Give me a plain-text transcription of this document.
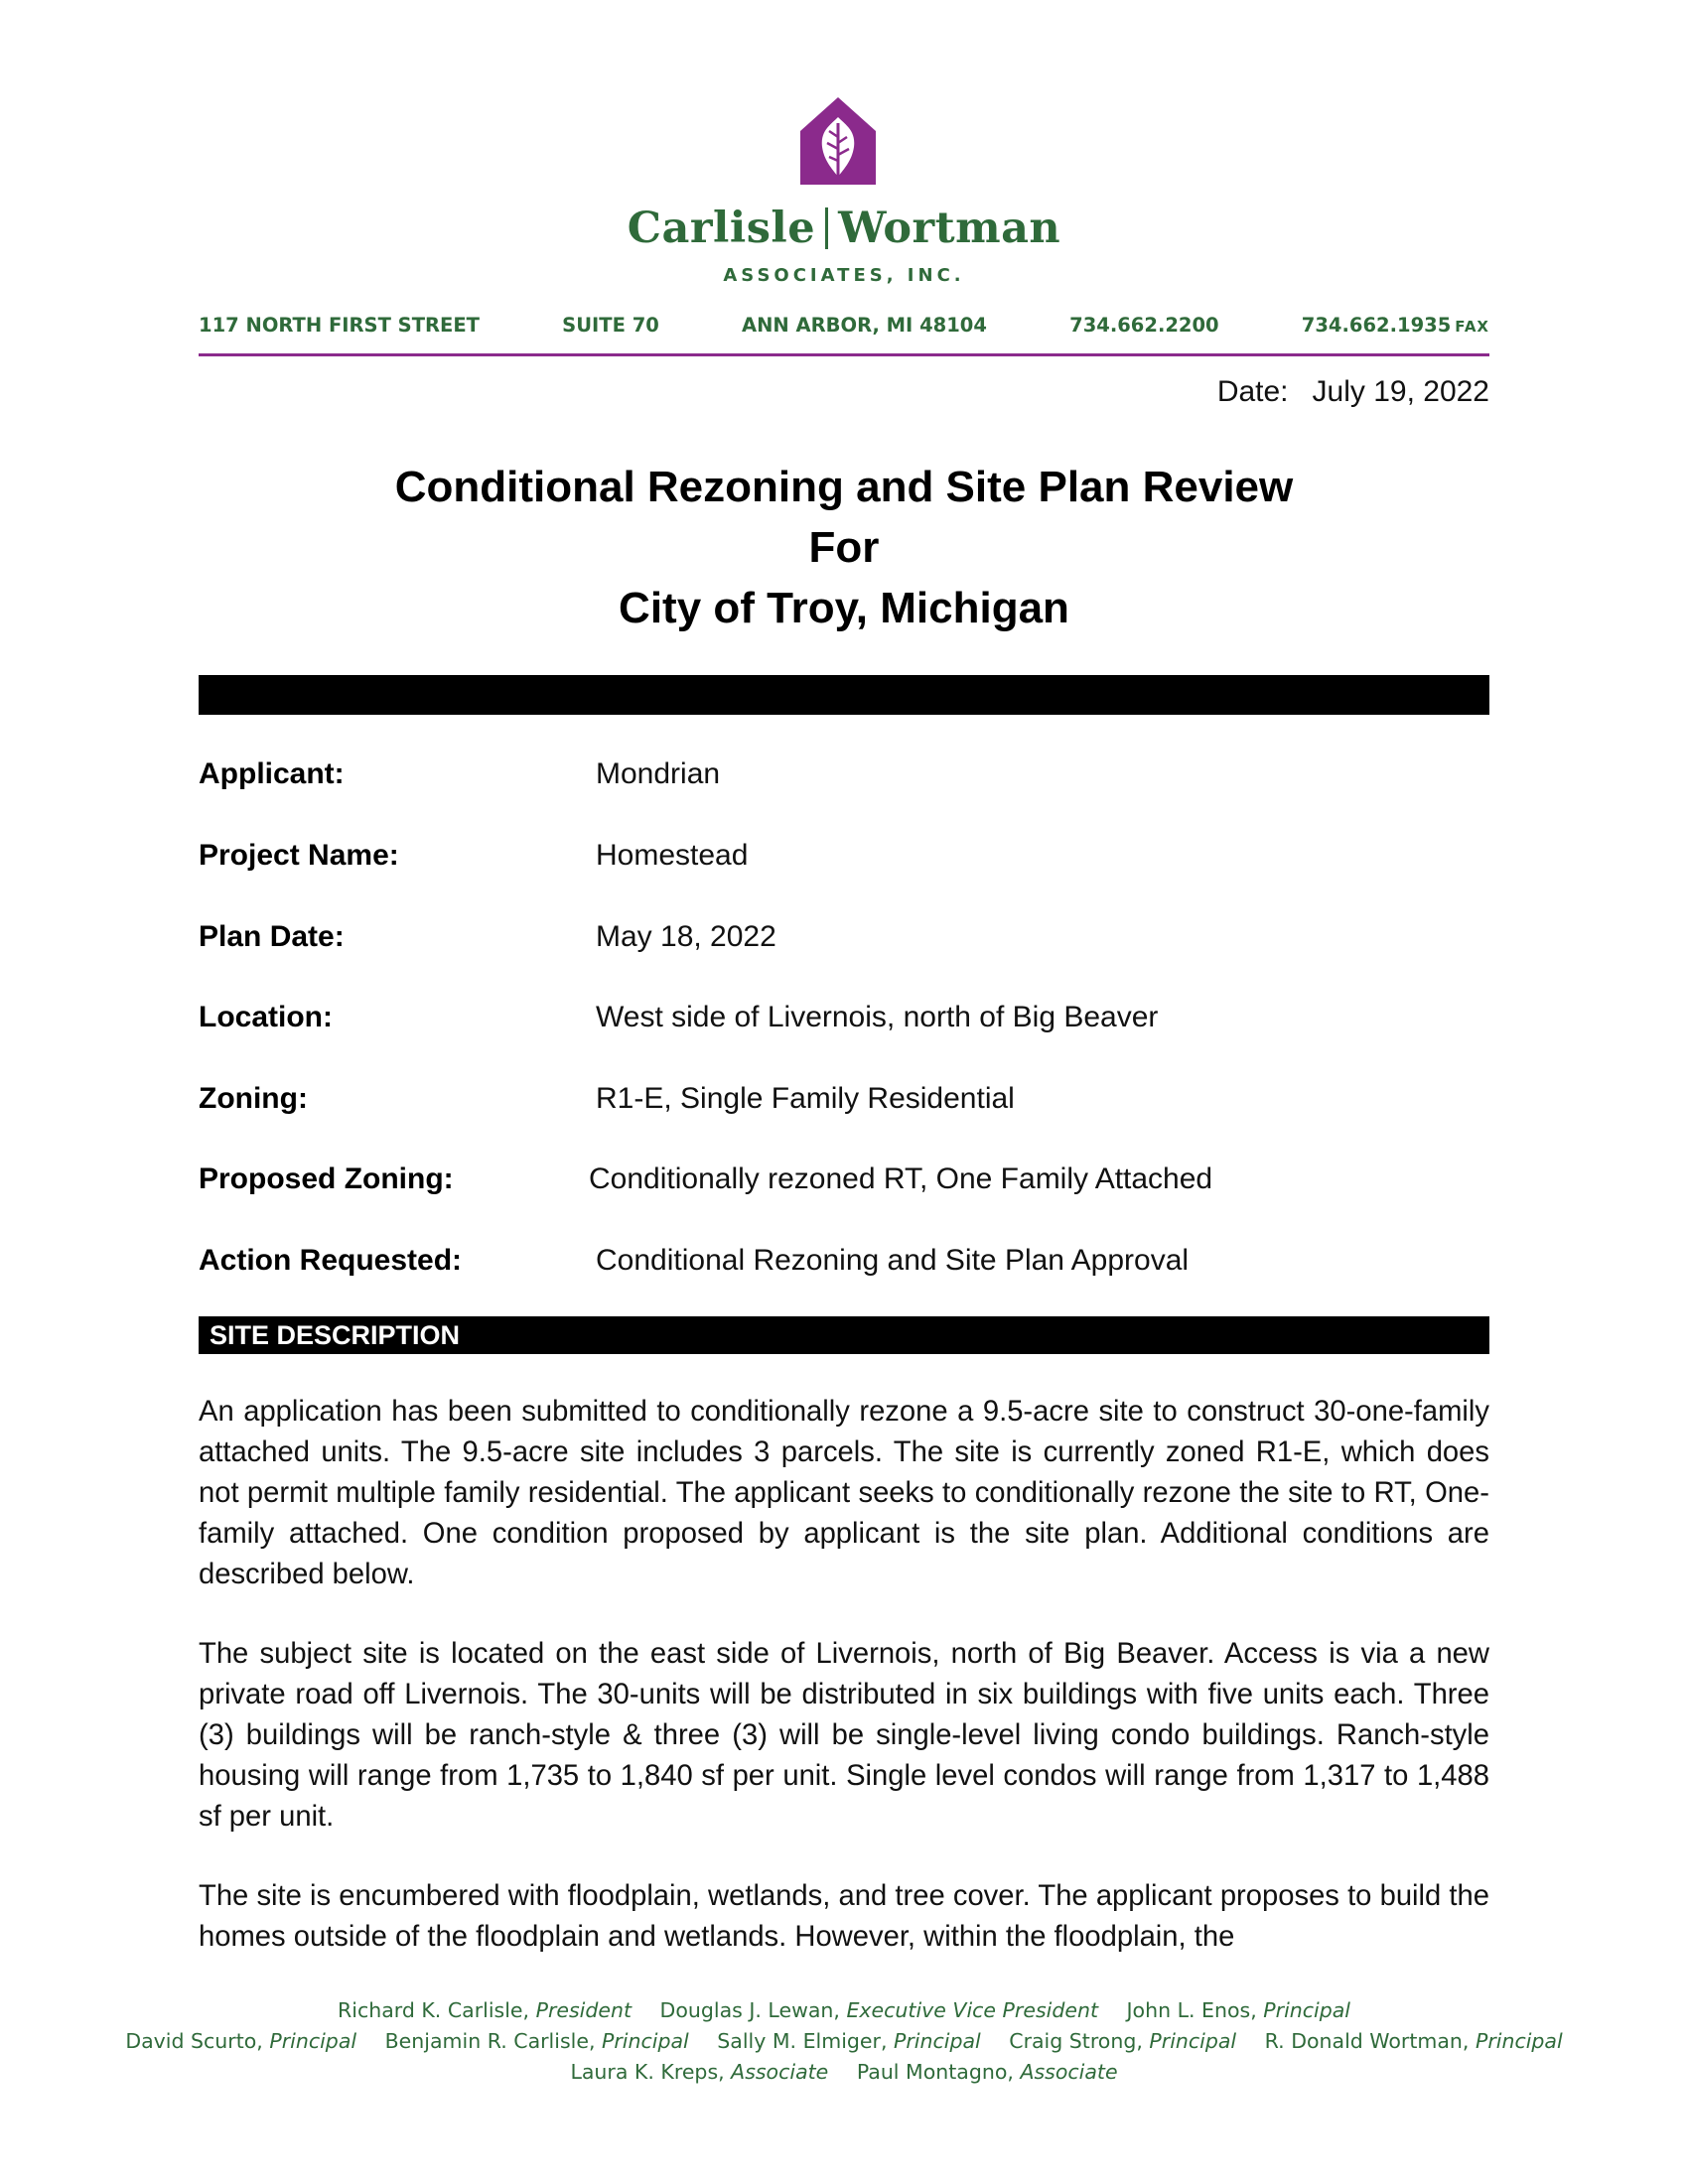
Carlisle Wortman
ASSOCIATES, INC.
117 NORTH FIRST STREET	SUITE 70	ANN ARBOR, MI 48104	734.662.2200	734.662.1935 FAX
Date: July 19, 2022
Conditional Rezoning and Site Plan Review
For
City of Troy, Michigan
Applicant:	Mondrian
Project Name:	Homestead
Plan Date:	May 18, 2022
Location:	West side of Livernois, north of Big Beaver
Zoning:	R1-E, Single Family Residential
Proposed Zoning:	Conditionally rezoned RT, One Family Attached
Action Requested:	Conditional Rezoning and Site Plan Approval
SITE DESCRIPTION

An application has been submitted to conditionally rezone a 9.5-acre site to construct 30-one-family attached units. The 9.5-acre site includes 3 parcels. The site is currently zoned R1-E, which does not permit multiple family residential. The applicant seeks to conditionally rezone the site to RT, One-family attached. One condition proposed by applicant is the site plan. Additional conditions are described below.

The subject site is located on the east side of Livernois, north of Big Beaver. Access is via a new private road off Livernois. The 30-units will be distributed in six buildings with five units each. Three (3) buildings will be ranch-style & three (3) will be single-level living condo buildings. Ranch-style housing will range from 1,735 to 1,840 sf per unit. Single level condos will range from 1,317 to 1,488 sf per unit.

The site is encumbered with floodplain, wetlands, and tree cover. The applicant proposes to build the homes outside of the floodplain and wetlands. However, within the floodplain, the

Richard K. Carlisle, President Douglas J. Lewan, Executive Vice President John L. Enos, Principal
David Scurto, Principal Benjamin R. Carlisle, Principal Sally M. Elmiger, Principal Craig Strong, Principal R. Donald Wortman, Principal
Laura K. Kreps, Associate Paul Montagno, Associate
